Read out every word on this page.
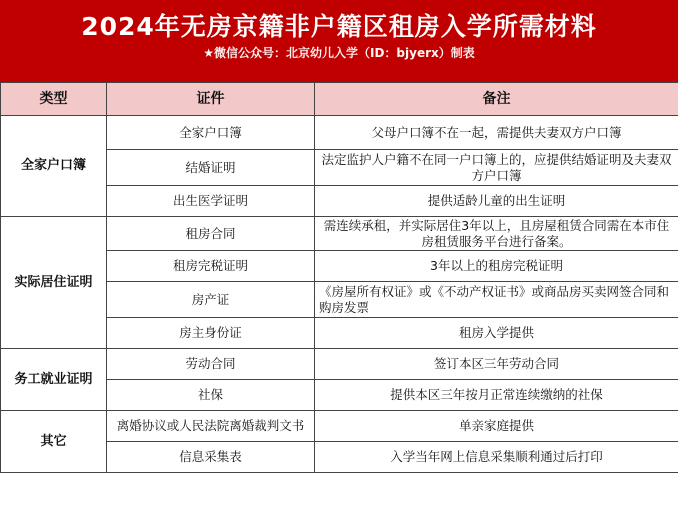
2024年无房京籍非户籍区租房入学所需材料
★微信公众号：北京幼儿入学（ID：bjyerx）制表
类型	证件	备注
全家户口簿	全家户口簿	父母户口簿不在一起，需提供夫妻双方户口簿
	结婚证明	法定监护人户籍不在同一户口簿上的，应提供结婚证明及夫妻双方户口簿
	出生医学证明	提供适龄儿童的出生证明
实际居住证明	租房合同	需连续承租，并实际居住3年以上，且房屋租赁合同需在本市住房租赁服务平台进行备案。
	租房完税证明	3年以上的租房完税证明
	房产证	《房屋所有权证》或《不动产权证书》或商品房买卖网签合同和购房发票
	房主身份证	租房入学提供
务工就业证明	劳动合同	签订本区三年劳动合同
	社保	提供本区三年按月正常连续缴纳的社保
其它	离婚协议或人民法院离婚裁判文书	单亲家庭提供
	信息采集表	入学当年网上信息采集顺利通过后打印
